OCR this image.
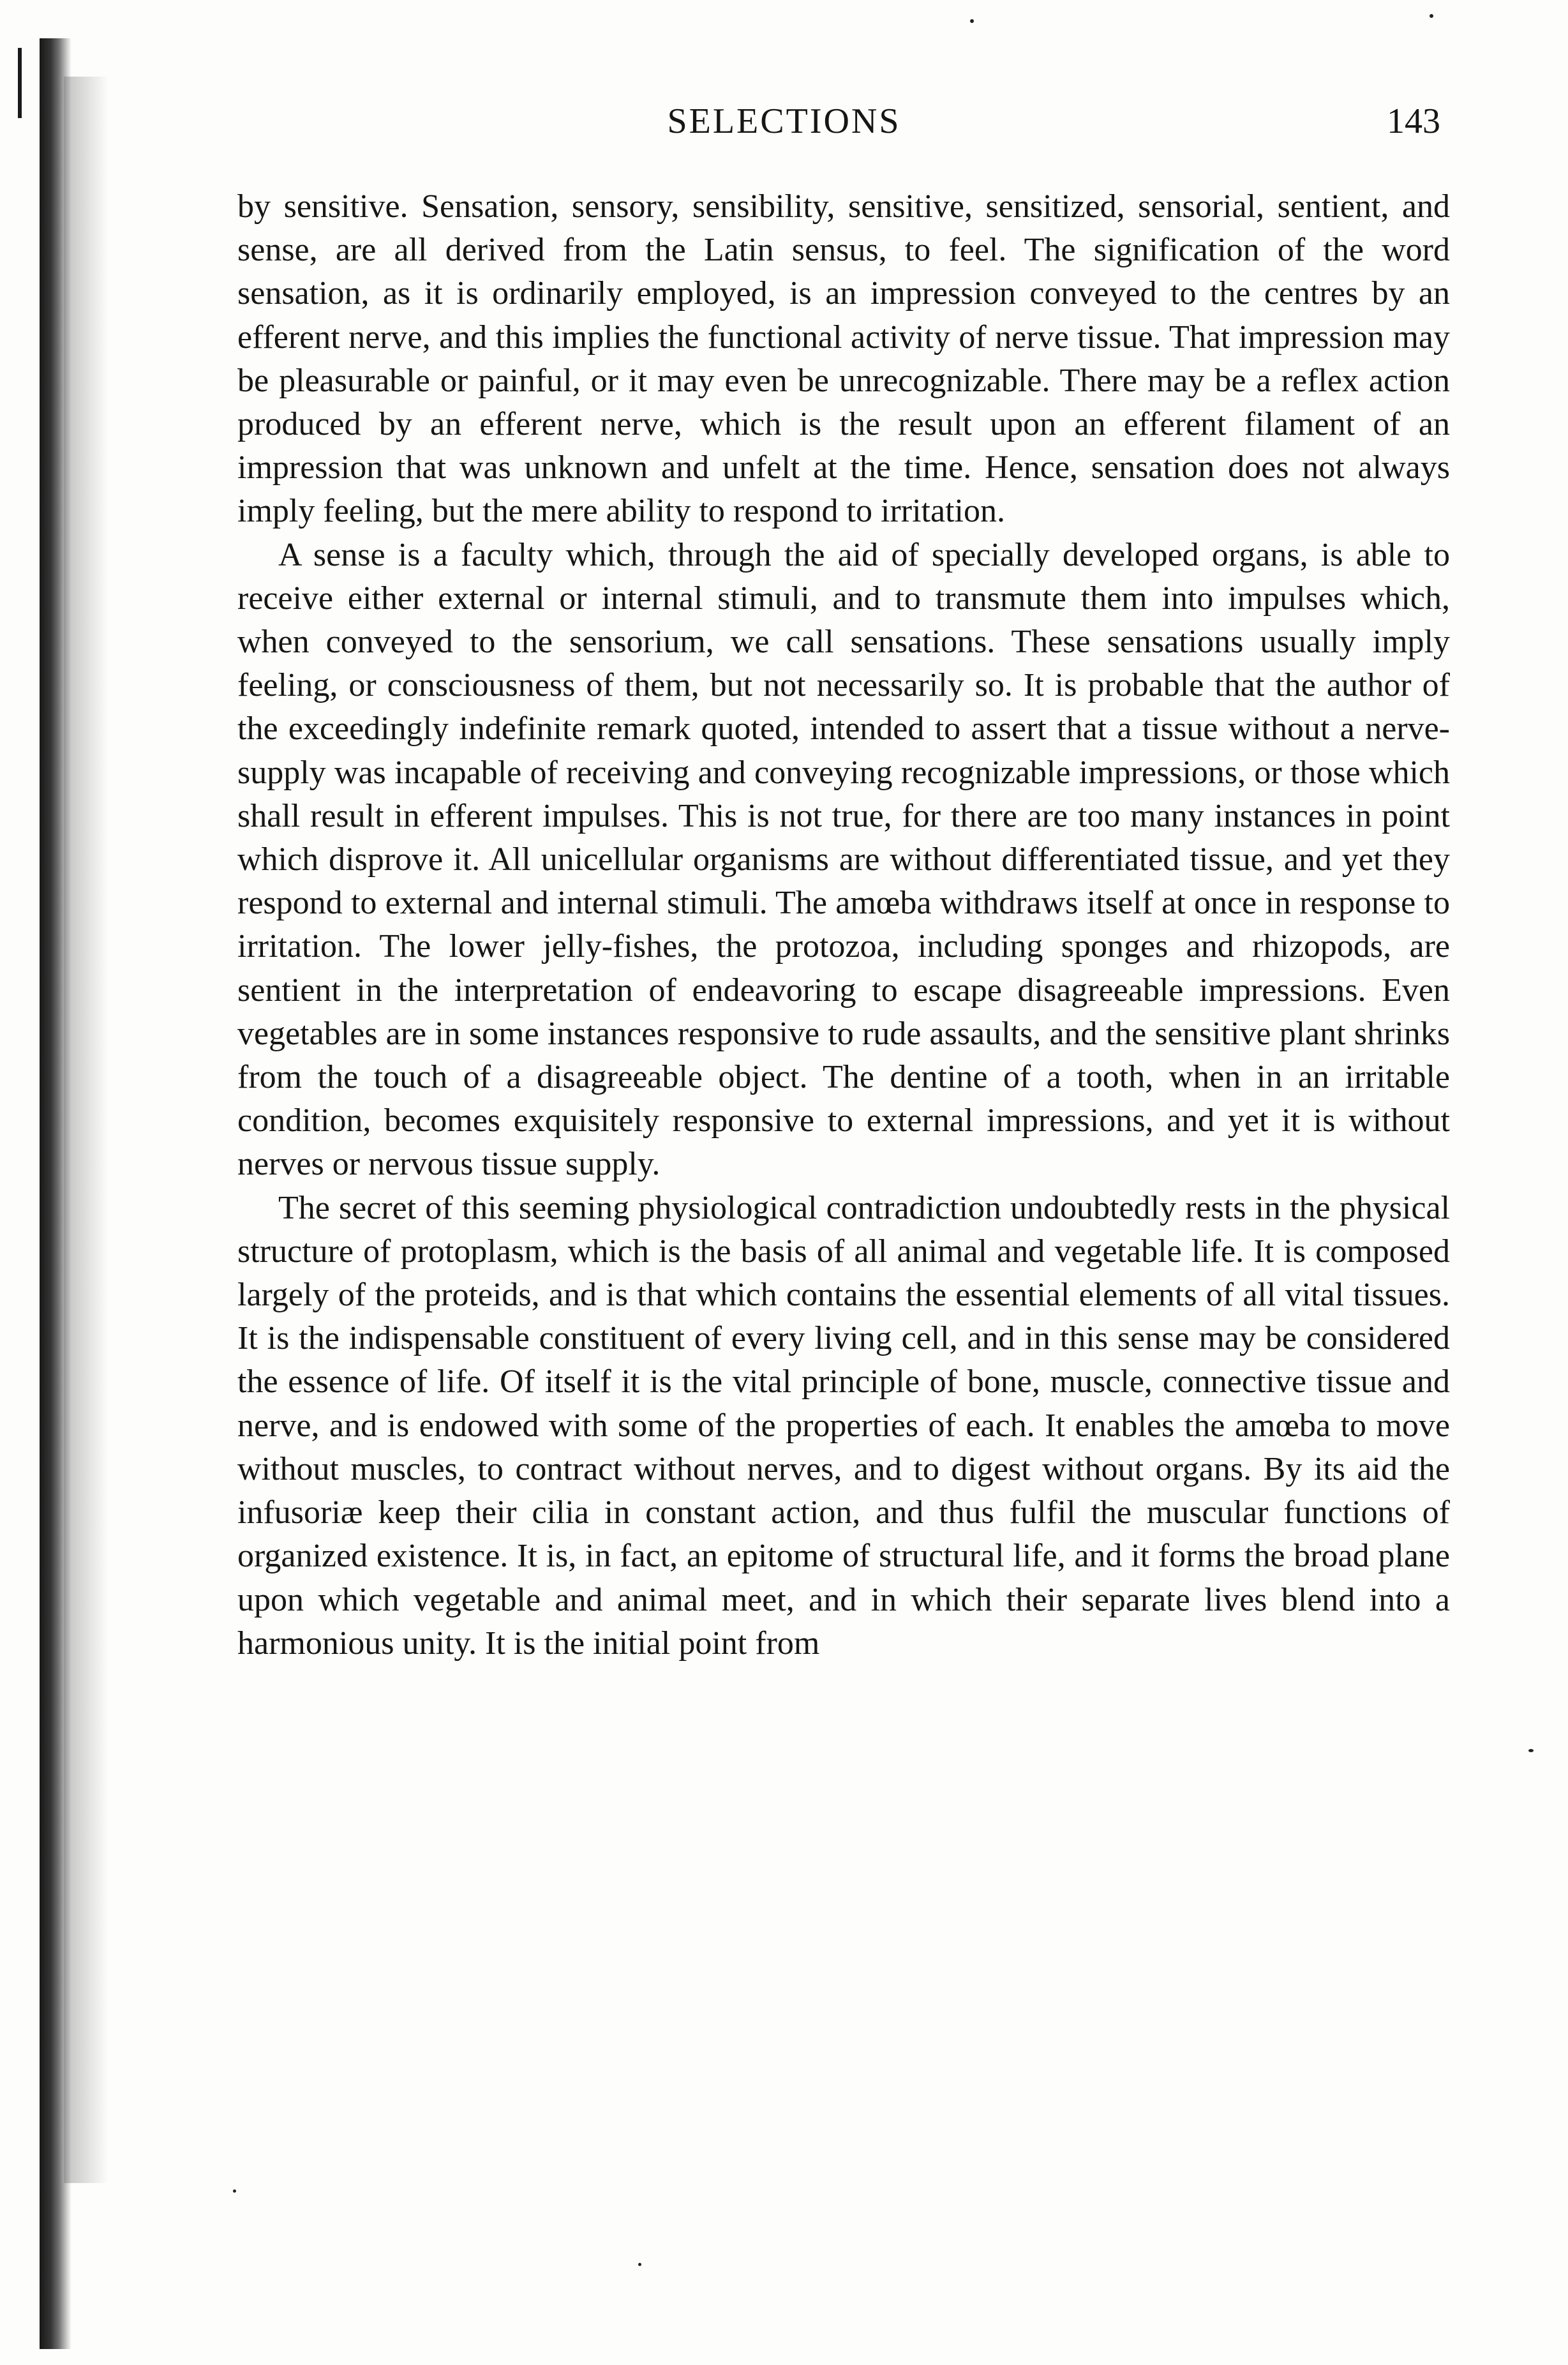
SELECTIONS	143

by sensitive. Sensation, sensory, sensibility, sensitive, sensitized, sensorial, sentient, and sense, are all derived from the Latin sensus, to feel. The signification of the word sensation, as it is ordinarily employed, is an impression conveyed to the centres by an efferent nerve, and this implies the functional activity of nerve tissue. That impression may be pleasurable or painful, or it may even be unrecognizable. There may be a reflex action produced by an efferent nerve, which is the result upon an efferent filament of an impression that was unknown and unfelt at the time. Hence, sensation does not always imply feeling, but the mere ability to respond to irritation.

A sense is a faculty which, through the aid of specially developed organs, is able to receive either external or internal stimuli, and to transmute them into impulses which, when conveyed to the sensorium, we call sensations. These sensations usually imply feeling, or consciousness of them, but not necessarily so. It is probable that the author of the exceedingly indefinite remark quoted, intended to assert that a tissue without a nerve-supply was incapable of receiving and conveying recognizable impressions, or those which shall result in efferent impulses. This is not true, for there are too many instances in point which disprove it. All unicellular organisms are without differentiated tissue, and yet they respond to external and internal stimuli. The amœba withdraws itself at once in response to irritation. The lower jelly-fishes, the protozoa, including sponges and rhizopods, are sentient in the interpretation of endeavoring to escape disagreeable impressions. Even vegetables are in some instances responsive to rude assaults, and the sensitive plant shrinks from the touch of a disagreeable object. The dentine of a tooth, when in an irritable condition, becomes exquisitely responsive to external impressions, and yet it is without nerves or nervous tissue supply.

The secret of this seeming physiological contradiction undoubtedly rests in the physical structure of protoplasm, which is the basis of all animal and vegetable life. It is composed largely of the proteids, and is that which contains the essential elements of all vital tissues. It is the indispensable constituent of every living cell, and in this sense may be considered the essence of life. Of itself it is the vital principle of bone, muscle, connective tissue and nerve, and is endowed with some of the properties of each. It enables the amœba to move without muscles, to contract without nerves, and to digest without organs. By its aid the infusoriæ keep their cilia in constant action, and thus fulfil the muscular functions of organized existence. It is, in fact, an epitome of structural life, and it forms the broad plane upon which vegetable and animal meet, and in which their separate lives blend into a harmonious unity. It is the initial point from
